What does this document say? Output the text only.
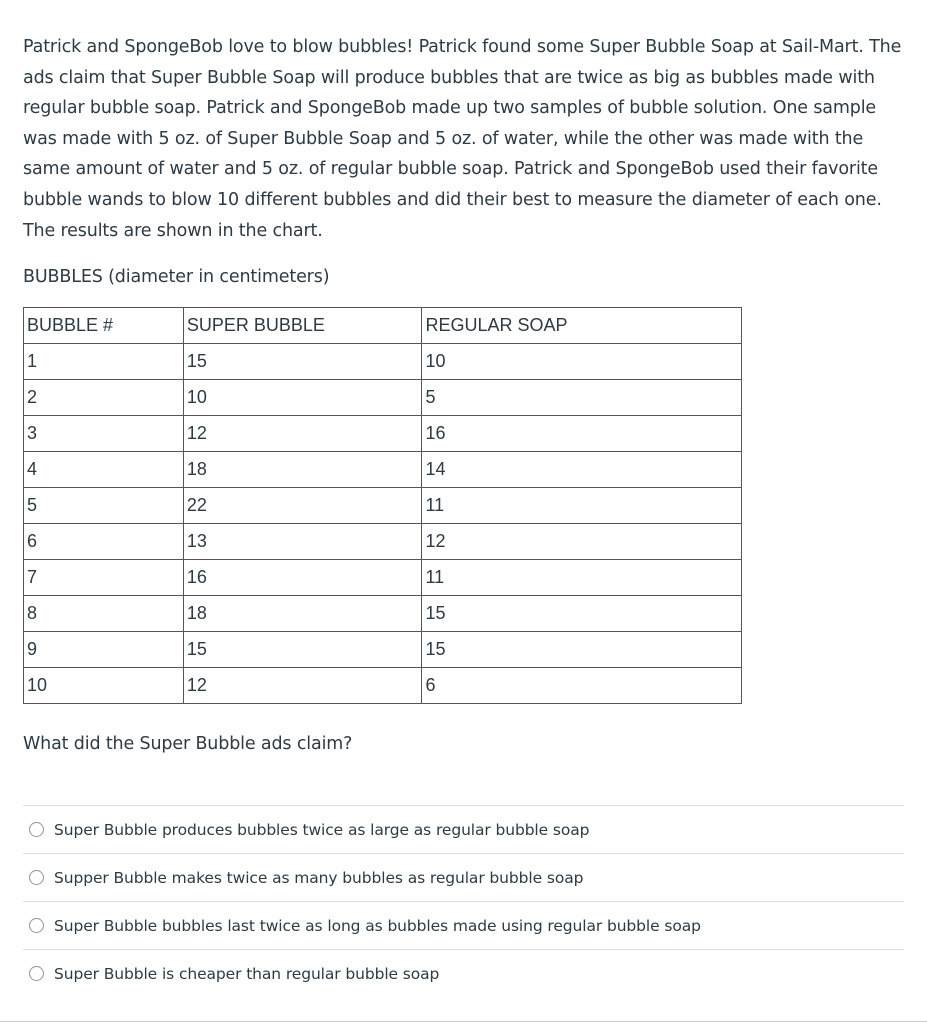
Patrick and SpongeBob love to blow bubbles! Patrick found some Super Bubble Soap at Sail-Mart. The ads claim that Super Bubble Soap will produce bubbles that are twice as big as bubbles made with regular bubble soap. Patrick and SpongeBob made up two samples of bubble solution. One sample was made with 5 oz. of Super Bubble Soap and 5 oz. of water, while the other was made with the same amount of water and 5 oz. of regular bubble soap. Patrick and SpongeBob used their favorite bubble wands to blow 10 different bubbles and did their best to measure the diameter of each one. The results are shown in the chart.

BUBBLES (diameter in centimeters)

BUBBLE #	SUPER BUBBLE	REGULAR SOAP
1	15	10
2	10	5
3	12	16
4	18	14
5	22	11
6	13	12
7	16	11
8	18	15
9	15	15
10	12	6

What did the Super Bubble ads claim?

Super Bubble produces bubbles twice as large as regular bubble soap
Supper Bubble makes twice as many bubbles as regular bubble soap
Super Bubble bubbles last twice as long as bubbles made using regular bubble soap
Super Bubble is cheaper than regular bubble soap
